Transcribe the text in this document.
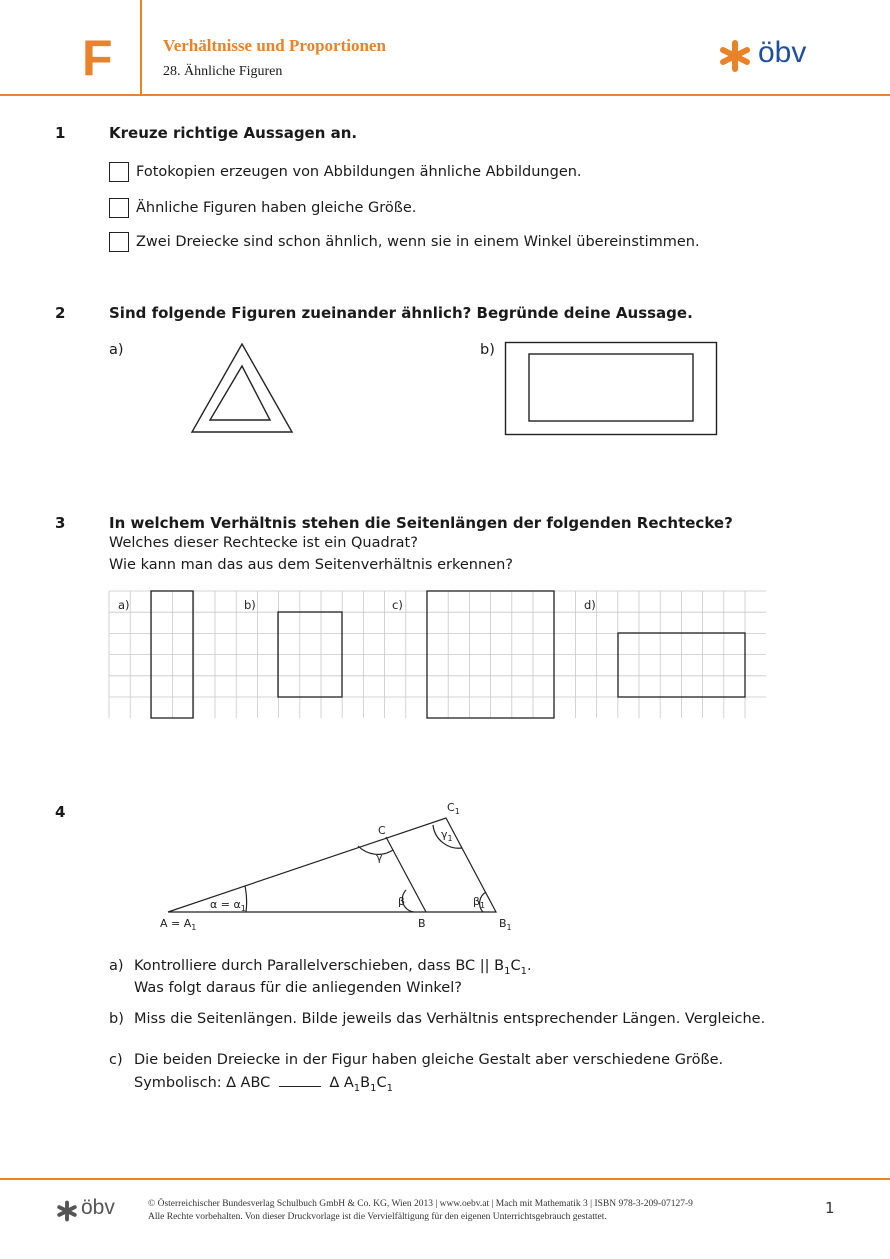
F	Verhältnisse und Proportionen
28. Ähnliche Figuren
öbv
1	Kreuze richtige Aussagen an.
Fotokopien erzeugen von Abbildungen ähnliche Abbildungen.
Ähnliche Figuren haben gleiche Größe.
Zwei Dreiecke sind schon ähnlich, wenn sie in einem Winkel übereinstimmen.
2	Sind folgende Figuren zueinander ähnlich? Begründe deine Aussage.
a)	b)
3	In welchem Verhältnis stehen die Seitenlängen der folgenden Rechtecke?
Welches dieser Rechtecke ist ein Quadrat?
Wie kann man das aus dem Seitenverhältnis erkennen?
a)	b)	c)	d)
4
$A = A_1$	B	$B_1$
C
$C_1$
$\alpha = \alpha_1$
β	$\beta_1$
γ
$\gamma_1$
a) Kontrolliere durch Parallelverschieben, dass BC || $B_1C_1$.
Was folgt daraus für die anliegenden Winkel?
b) Miss die Seitenlängen. Bilde jeweils das Verhältnis entsprechender Längen. Vergleiche.
c) Die beiden Dreiecke in der Figur haben gleiche Gestalt aber verschiedene Größe.
Symbolisch: ∆ ABC	∆ $A_1B_1C_1$
öbv	© Österreichischer Bundesverlag Schulbuch GmbH & Co. KG, Wien 2013 | www.oebv.at | Mach mit Mathematik 3 | ISBN 978-3-209-07127-9
Alle Rechte vorbehalten. Von dieser Druckvorlage ist die Vervielfältigung für den eigenen Unterrichtsgebrauch gestattet.	1
